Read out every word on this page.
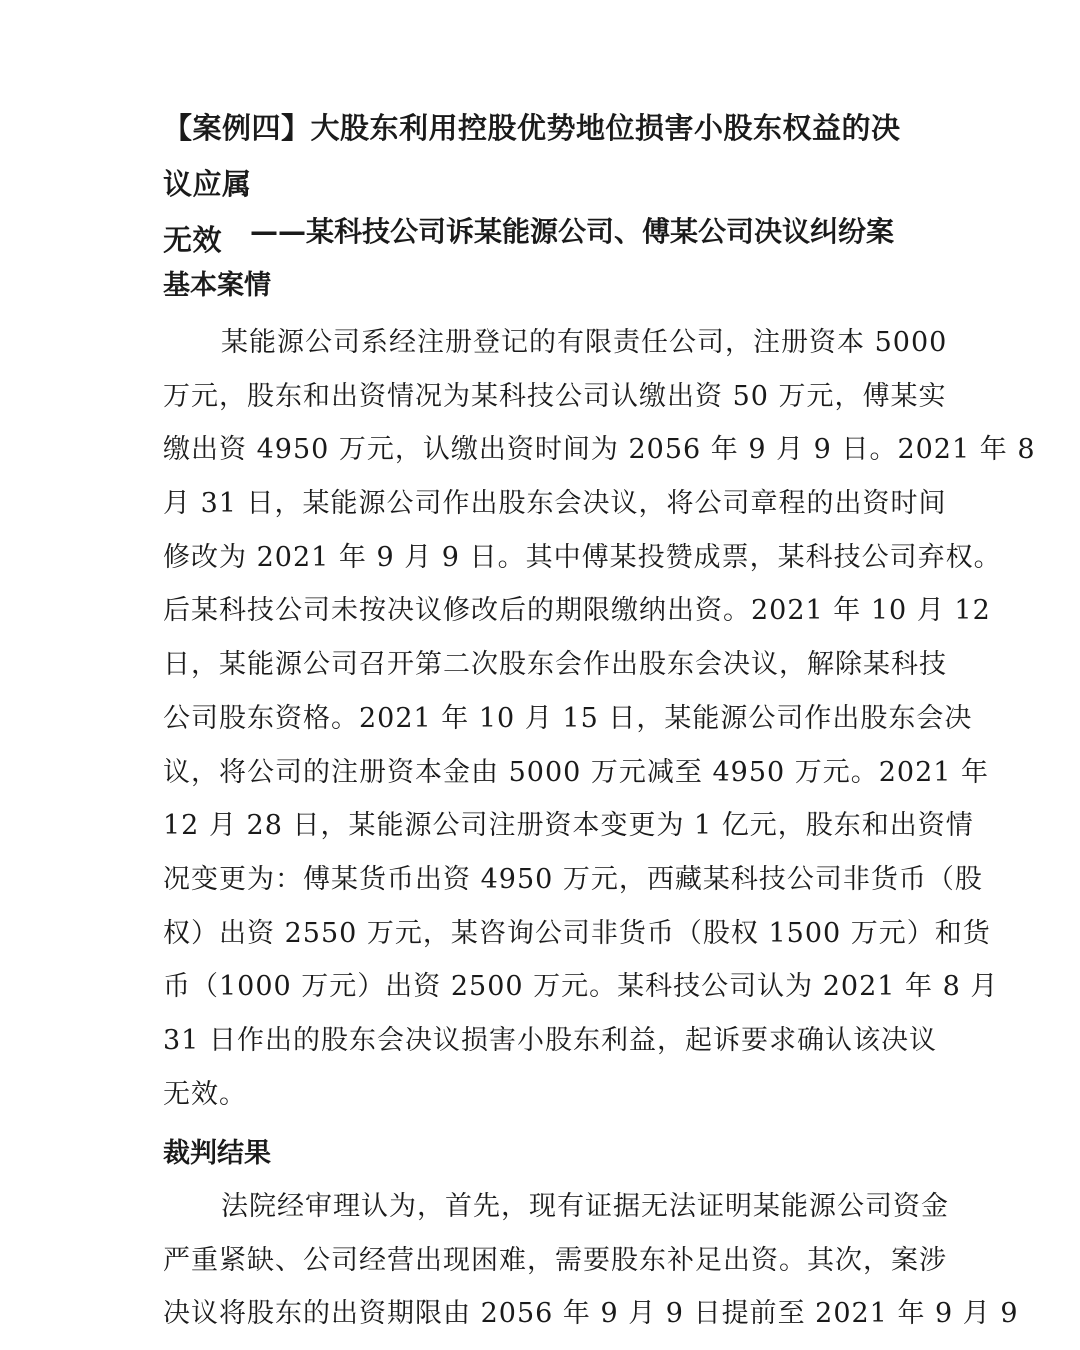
【案例四】大股东利用控股优势地位损害小股东权益的决议应属
无效 ——某科技公司诉某能源公司、傅某公司决议纠纷案
基本案情
某能源公司系经注册登记的有限责任公司，注册资本 5000
万元，股东和出资情况为某科技公司认缴出资 50 万元，傅某实
缴出资 4950 万元，认缴出资时间为 2056 年 9 月 9 日。2021 年 8
月 31 日，某能源公司作出股东会决议，将公司章程的出资时间
修改为 2021 年 9 月 9 日。其中傅某投赞成票，某科技公司弃权。
后某科技公司未按决议修改后的期限缴纳出资。2021 年 10 月 12
日，某能源公司召开第二次股东会作出股东会决议，解除某科技
公司股东资格。2021 年 10 月 15 日，某能源公司作出股东会决
议，将公司的注册资本金由 5000 万元减至 4950 万元。2021 年
12 月 28 日，某能源公司注册资本变更为 1 亿元，股东和出资情
况变更为：傅某货币出资 4950 万元，西藏某科技公司非货币（股
权）出资 2550 万元，某咨询公司非货币（股权 1500 万元）和货
币（1000 万元）出资 2500 万元。某科技公司认为 2021 年 8 月
31 日作出的股东会决议损害小股东利益，起诉要求确认该决议
无效。
裁判结果
法院经审理认为，首先，现有证据无法证明某能源公司资金
严重紧缺、公司经营出现困难，需要股东补足出资。其次，案涉
决议将股东的出资期限由 2056 年 9 月 9 日提前至 2021 年 9 月 9
